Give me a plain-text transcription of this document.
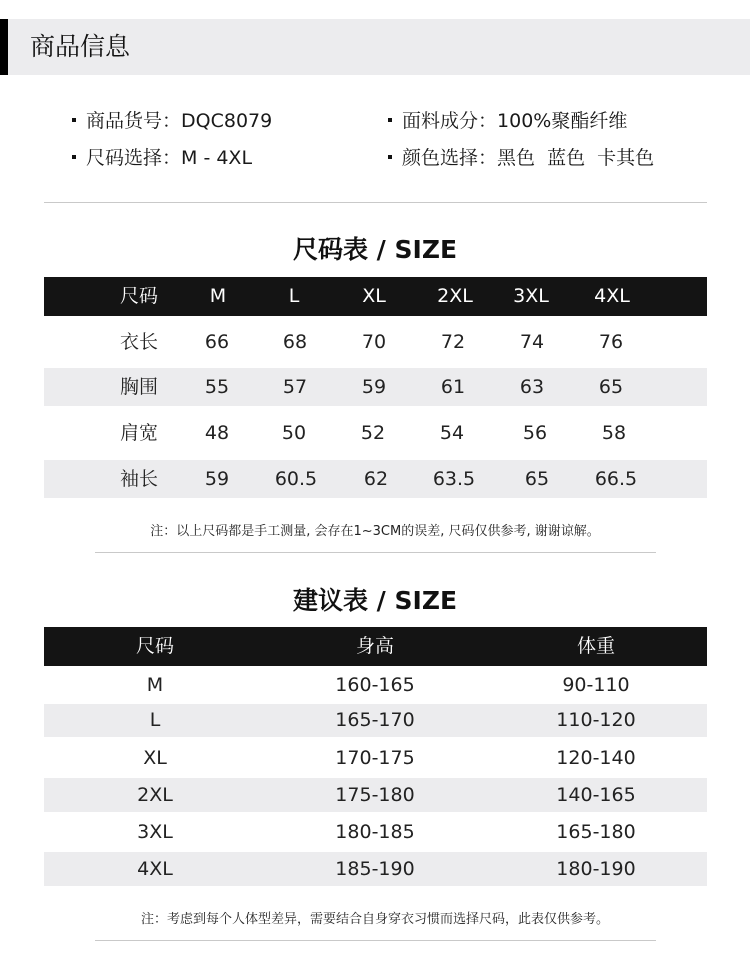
商品信息
商品货号：DQC8079
尺码选择：M - 4XL
面料成分：100%聚酯纤维
颜色选择：黑色  蓝色  卡其色
尺码表 / SIZE
尺码	M	L	XL	2XL 3XL 4XL
衣长 66	68	70	72	74	76
胸围 55	57	59	61	63	65
肩宽 48	50	52	54	56	58
袖长 59 60.5 62 63.5	65 66.5
注：以上尺码都是手工测量, 会存在1~3CM的误差, 尺码仅供参考, 谢谢谅解。
建议表 / SIZE
尺码	身高	体重
M	160-165	90-110
L	165-170	110-120
XL	170-175	120-140
2XL	175-180	140-165
3XL	180-185	165-180
4XL	185-190	180-190
注：考虑到每个人体型差异，需要结合自身穿衣习惯而选择尺码，此表仅供参考。
